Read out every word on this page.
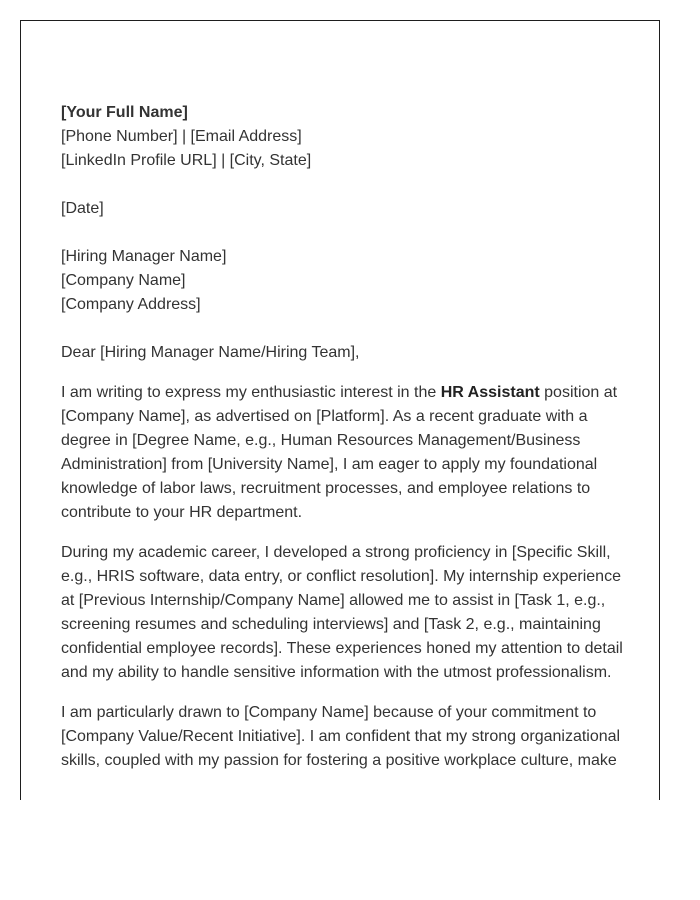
[Your Full Name]
[Phone Number] | [Email Address]
[LinkedIn Profile URL] | [City, State]
[Date]
[Hiring Manager Name]
[Company Name]
[Company Address]

Dear [Hiring Manager Name/Hiring Team],

I am writing to express my enthusiastic interest in the HR Assistant position at [Company Name], as advertised on [Platform]. As a recent graduate with a degree in [Degree Name, e.g., Human Resources Management/Business Administration] from [University Name], I am eager to apply my foundational knowledge of labor laws, recruitment processes, and employee relations to contribute to your HR department.

During my academic career, I developed a strong proficiency in [Specific Skill, e.g., HRIS software, data entry, or conflict resolution]. My internship experience at [Previous Internship/Company Name] allowed me to assist in [Task 1, e.g., screening resumes and scheduling interviews] and [Task 2, e.g., maintaining confidential employee records]. These experiences honed my attention to detail and my ability to handle sensitive information with the utmost professionalism.

I am particularly drawn to [Company Name] because of your commitment to [Company Value/Recent Initiative]. I am confident that my strong organizational skills, coupled with my passion for fostering a positive workplace culture, make
